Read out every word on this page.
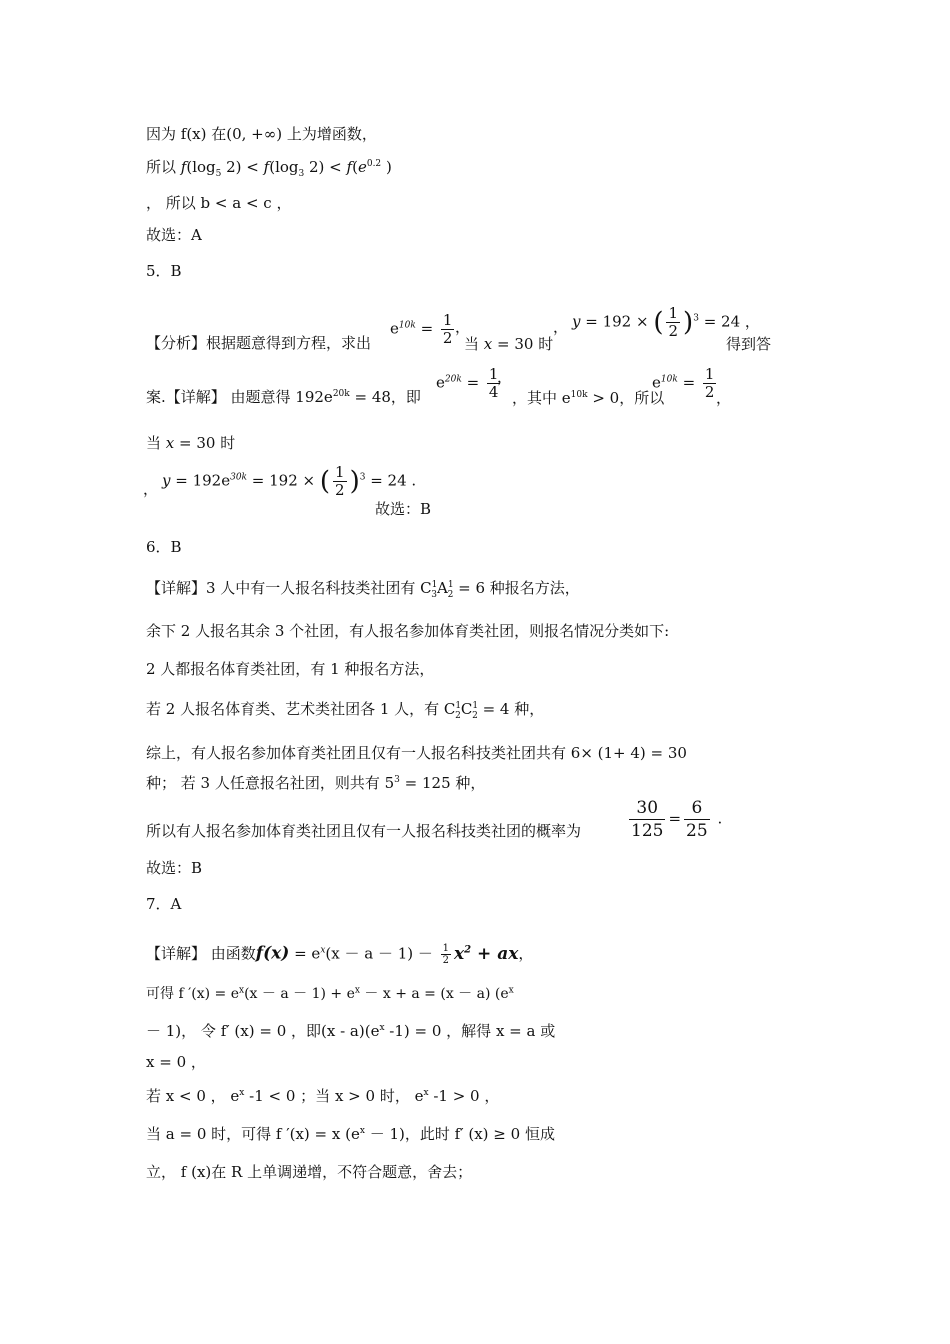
因为 f(x) 在(0, +∞) 上为增函数，
所以 $f(\log_5$ $2) < f(\log_3$ $2) < f(e^{0.2}$ )
， 所以 b < a < c ，
故选：A
5．B
【分析】根据题意得到方程，求出
$e^{10k} = \frac{1}{2}$ ，
当 x = 30 时
， y = 192 × ( $\frac{1}{2} )^3 = 24$ ，
得到答
案.【详解】 由题意得 $192e^{20k} = 48$，即
$e^{20k} = \frac{1}{4}$
，
，其中 $e^{10k} > 0$，所以
$e^{10k} = \frac{1}{2}$ ，
当 x = 30 时
， $y = 192e^{30k} = 192$ × ( $\frac{1}{2} )^3 = 24$ .
故选：B
6．B
【详解】3 人中有一人报名科技类社团有 $C^1_3A^1_2 = 6$ 种报名方法，
余下 2 人报名其余 3 个社团，有人报名参加体育类社团，则报名情况分类如下:
2 人都报名体育类社团，有 1 种报名方法，
若 2 人报名体育类、艺术类社团各 1 人，有 $C^1_2C^1_2 = 4$ 种，
综上，有人报名参加体育类社团且仅有一人报名科技类社团共有 6× (1+ 4) = 30
种； 若 3 人任意报名社团，则共有 $5^3 = 125$ 种，
所以有人报名参加体育类社团且仅有一人报名科技类社团的概率为	$\frac{30}{125} = \frac{6}{25}$ .
故选：B
7．A
【详解】 由函数$f(x) = e^x(x - a - 1) - \frac{1}{2} x^2$ + ax，
可得 f $'(x) = e^x(x - a - 1) + e^x - x + a = (x - a)$ ($e^x$
－ 1)， 令 f′ (x) = 0 ，即$(x - a)(e^x$ -1) = 0 ，解得 x = a 或
x = 0 ，
若 x < 0 ， $e^x$ -1 < 0 ；当 x > 0 时， $e^x$ -1 > 0 ，
当 a = 0 时，可得 f ′(x) = x $(e^x - 1)$，此时 f′ (x) ≥ 0 恒成
立， f (x)在 R 上单调递增，不符合题意，舍去；
